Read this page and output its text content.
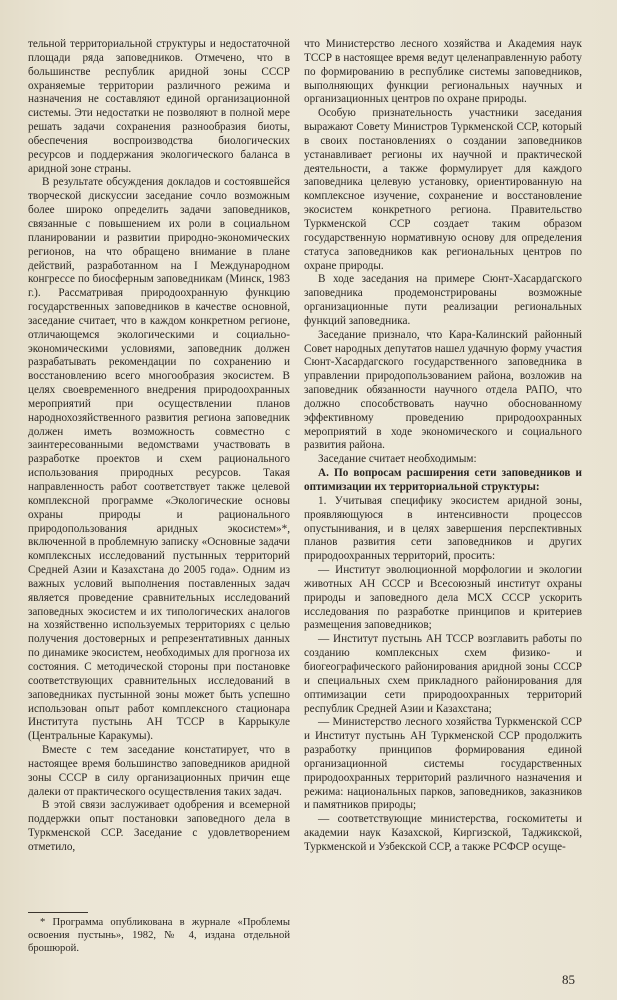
тельной территориальной структуры и недостаточной площади ряда заповедников. Отмечено, что в большинстве республик аридной зоны СССР охраняемые территории различного режима и назначения не составляют единой организационной системы. Эти недостатки не позволяют в полной мере решать задачи сохранения разнообразия биоты, обеспечения воспроизводства биологических ресурсов и поддержания экологического баланса в аридной зоне страны.

В результате обсуждения докладов и состоявшейся творческой дискуссии заседание сочло возможным более широко определить задачи заповедников, связанные с повышением их роли в социальном планировании и развитии природно-экономических регионов, на что обращено внимание в плане действий, разработанном на I Международном конгрессе по биосферным заповедникам (Минск, 1983 г.). Рассматривая природоохранную функцию государственных заповедников в качестве основной, заседание считает, что в каждом конкретном регионе, отличающемся экологическими и социально-экономическими условиями, заповедник должен разрабатывать рекомендации по сохранению и восстановлению всего многообразия экосистем. В целях своевременного внедрения природоохранных мероприятий при осуществлении планов народнохозяйственного развития региона заповедник должен иметь возможность совместно с заинтересованными ведомствами участвовать в разработке проектов и схем рационального использования природных ресурсов. Такая направленность работ соответствует также целевой комплексной программе «Экологические основы охраны природы и рационального природопользования аридных экосистем»*, включенной в проблемную записку «Основные задачи комплексных исследований пустынных территорий Средней Азии и Казахстана до 2005 года». Одним из важных условий выполнения поставленных задач является проведение сравнительных исследований заповедных экосистем и их типологических аналогов на хозяйственно используемых территориях с целью получения достоверных и репрезентативных данных по динамике экосистем, необходимых для прогноза их состояния. С методической стороны при постановке соответствующих сравнительных исследований в заповедниках пустынной зоны может быть успешно использован опыт работ комплексного стационара Института пустынь АН ТССР в Каррыкуле (Центральные Каракумы).

Вместе с тем заседание констатирует, что в настоящее время большинство заповедников аридной зоны СССР в силу организационных причин еще далеки от практического осуществления таких задач.

В этой связи заслуживает одобрения и всемерной поддержки опыт постановки заповедного дела в Туркменской ССР. Заседание с удовлетворением отметило,

что Министерство лесного хозяйства и Академия наук ТССР в настоящее время ведут целенаправленную работу по формированию в республике системы заповедников, выполняющих функции региональных научных и организационных центров по охране природы.

Особую признательность участники заседания выражают Совету Министров Туркменской ССР, который в своих постановлениях о создании заповедников устанавливает регионы их научной и практической деятельности, а также формулирует для каждого заповедника целевую установку, ориентированную на комплексное изучение, сохранение и восстановление экосистем конкретного региона. Правительство Туркменской ССР создает таким образом государственную нормативную основу для определения статуса заповедников как региональных центров по охране природы.

В ходе заседания на примере Сюнт-Хасардагского заповедника продемонстрированы возможные организационные пути реализации региональных функций заповедника.

Заседание признало, что Кара-Калинский районный Совет народных депутатов нашел удачную форму участия Сюнт-Хасардагского государственного заповедника в управлении природопользованием района, возложив на заповедник обязанности научного отдела РАПО, что должно способствовать научно обоснованному эффективному проведению природоохранных мероприятий в ходе экономического и социального развития района.

Заседание считает необходимым:

А. По вопросам расширения сети заповедников и оптимизации их территориальной структуры:

1. Учитывая специфику экосистем аридной зоны, проявляющуюся в интенсивности процессов опустынивания, и в целях завершения перспективных планов развития сети заповедников и других природоохранных территорий, просить:

— Институт эволюционной морфологии и экологии животных АН СССР и Всесоюзный институт охраны природы и заповедного дела МСХ СССР ускорить исследования по разработке принципов и критериев размещения заповедников;

— Институт пустынь АН ТССР возглавить работы по созданию комплексных схем физико- и биогеографического районирования аридной зоны СССР и специальных схем прикладного районирования для оптимизации сети природоохранных территорий республик Средней Азии и Казахстана;

— Министерство лесного хозяйства Туркменской ССР и Институт пустынь АН Туркменской ССР продолжить разработку принципов формирования единой организационной системы государственных природоохранных территорий различного назначения и режима: национальных парков, заповедников, заказников и памятников природы;

— соответствующие министерства, госкомитеты и академии наук Казахской, Киргизской, Таджикской, Туркменской и Узбекской ССР, а также РСФСР осуще-

* Программа опубликована в журнале «Проблемы освоения пустынь», 1982, № 4, издана отдельной брошюрой.

85
